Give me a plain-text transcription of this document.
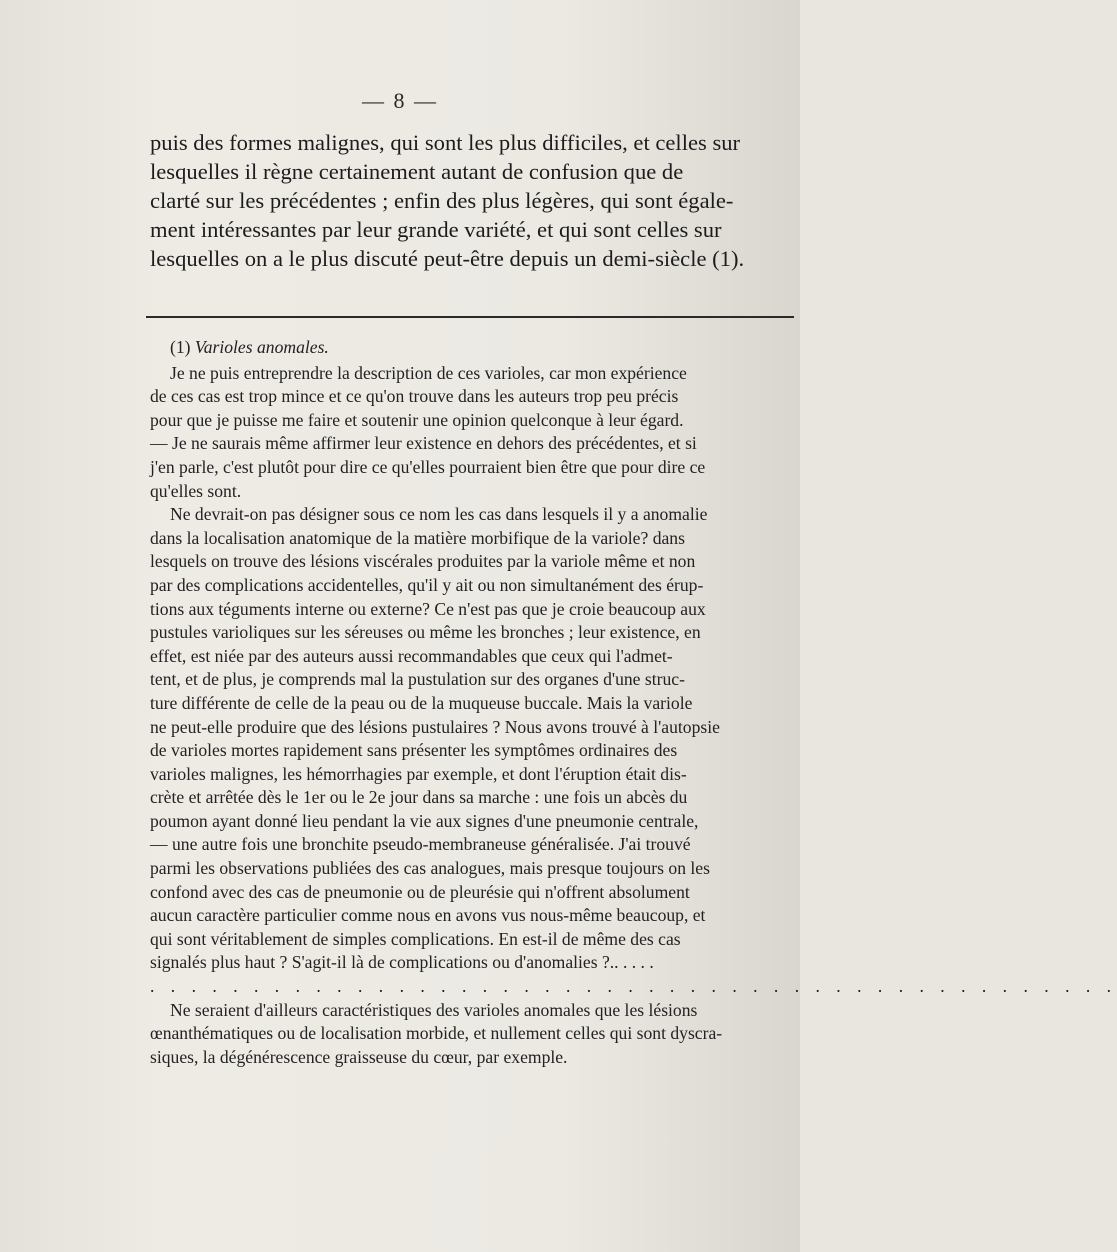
— 8 —

puis des formes malignes, qui sont les plus difficiles, et celles sur
lesquelles il règne certainement autant de confusion que de
clarté sur les précédentes ; enfin des plus légères, qui sont égale-
ment intéressantes par leur grande variété, et qui sont celles sur
lesquelles on a le plus discuté peut-être depuis un demi-siècle (1).

(1) Varioles anomales.
Je ne puis entreprendre la description de ces varioles, car mon expérience
de ces cas est trop mince et ce qu'on trouve dans les auteurs trop peu précis
pour que je puisse me faire et soutenir une opinion quelconque à leur égard.
— Je ne saurais même affirmer leur existence en dehors des précédentes, et si
j'en parle, c'est plutôt pour dire ce qu'elles pourraient bien être que pour dire ce
qu'elles sont.
Ne devrait-on pas désigner sous ce nom les cas dans lesquels il y a anomalie
dans la localisation anatomique de la matière morbifique de la variole? dans
lesquels on trouve des lésions viscérales produites par la variole même et non
par des complications accidentelles, qu'il y ait ou non simultanément des érup-
tions aux téguments interne ou externe? Ce n'est pas que je croie beaucoup aux
pustules varioliques sur les séreuses ou même les bronches ; leur existence, en
effet, est niée par des auteurs aussi recommandables que ceux qui l'admet-
tent, et de plus, je comprends mal la pustulation sur des organes d'une struc-
ture différente de celle de la peau ou de la muqueuse buccale. Mais la variole
ne peut-elle produire que des lésions pustulaires ? Nous avons trouvé à l'autopsie
de varioles mortes rapidement sans présenter les symptômes ordinaires des
varioles malignes, les hémorrhagies par exemple, et dont l'éruption était dis-
crète et arrêtée dès le 1er ou le 2e jour dans sa marche : une fois un abcès du
poumon ayant donné lieu pendant la vie aux signes d'une pneumonie centrale,
— une autre fois une bronchite pseudo-membraneuse généralisée. J'ai trouvé
parmi les observations publiées des cas analogues, mais presque toujours on les
confond avec des cas de pneumonie ou de pleurésie qui n'offrent absolument
aucun caractère particulier comme nous en avons vus nous-même beaucoup, et
qui sont véritablement de simples complications. En est-il de même des cas
signalés plus haut ? S'agit-il là de complications ou d'anomalies ?.. . . . .
. . . . . . . . . . . . . . . . . . . . . . . . . . . . . . . . . . . . . . . . . . . . . . .
Ne seraient d'ailleurs caractéristiques des varioles anomales que les lésions
œnanthématiques ou de localisation morbide, et nullement celles qui sont dyscra-
siques, la dégénérescence graisseuse du cœur, par exemple.
